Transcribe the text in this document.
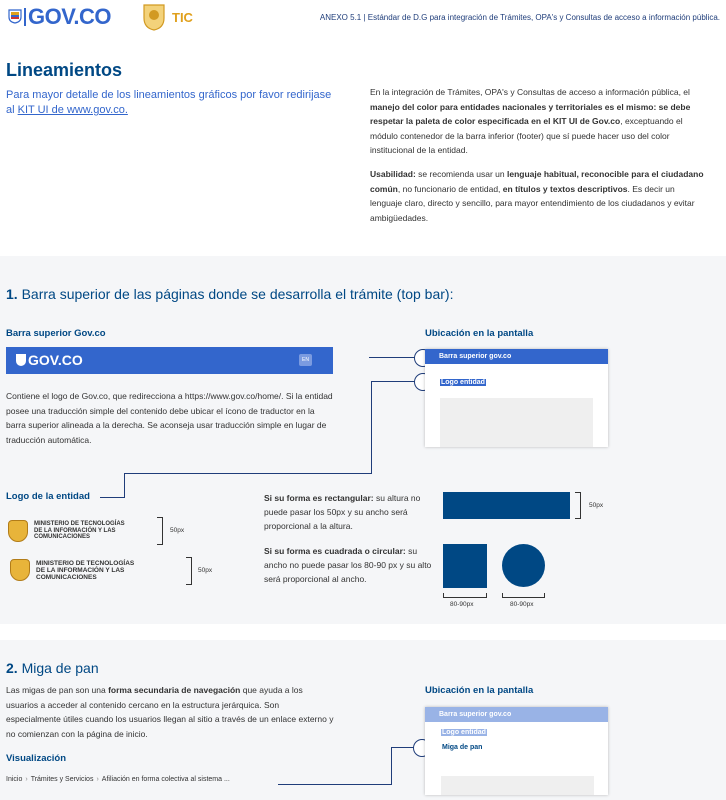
GOV.CO	TIC	ANEXO 5.1 | Estándar de D.G para integración de Trámites, OPA's y Consultas de acceso a información pública.
Lineamientos
Para mayor detalle de los lineamientos gráficos por favor redirijase al KIT UI de www.gov.co.
En la integración de Trámites, OPA's y Consultas de acceso a información pública, el manejo del color para entidades nacionales y territoriales es el mismo: se debe respetar la paleta de color especificada en el KIT UI de Gov.co, exceptuando el módulo contenedor de la barra inferior (footer) que sí puede hacer uso del color institucional de la entidad.
Usabilidad: se recomienda usar un lenguaje habitual, reconocible para el ciudadano común, no funcionario de entidad, en títulos y textos descriptivos. Es decir un lenguaje claro, directo y sencillo, para mayor entendimiento de los ciudadanos y evitar ambigüedades.
1. Barra superior de las páginas donde se desarrolla el trámite (top bar):
Barra superior Gov.co	Ubicación en la pantalla
GOV.CO	EN
Contiene el logo de Gov.co, que redirecciona a https://www.gov.co/home/. Si la entidad posee una traducción simple del contenido debe ubicar el ícono de traductor en la barra superior alineada a la derecha. Se aconseja usar traducción simple en lugar de traducción automática.
Barra superior gov.co
Logo entidad
Logo de la entidad
MINISTERIO DE TECNOLOGÍAS DE LA INFORMACIÓN Y LAS COMUNICACIONES
50px
MINISTERIO DE TECNOLOGÍAS DE LA INFORMACIÓN Y LAS COMUNICACIONES
50px
Si su forma es rectangular: su altura no puede pasar los 50px y su ancho será proporcional a la altura.
Si su forma es cuadrada o circular: su ancho no puede pasar los 80-90 px y su alto será proporcional al ancho.
50px
80-90px	80-90px
2. Miga de pan
Las migas de pan son una forma secundaria de navegación que ayuda a los usuarios a acceder al contenido cercano en la estructura jerárquica. Son especialmente útiles cuando los usuarios llegan al sitio a través de un enlace externo y no comienzan con la página de inicio.
Ubicación en la pantalla
Visualización
Inicio › Trámites y Servicios › Afiliación en forma colectiva al sistema ...
Barra superior gov.co
Logo entidad
Miga de pan
